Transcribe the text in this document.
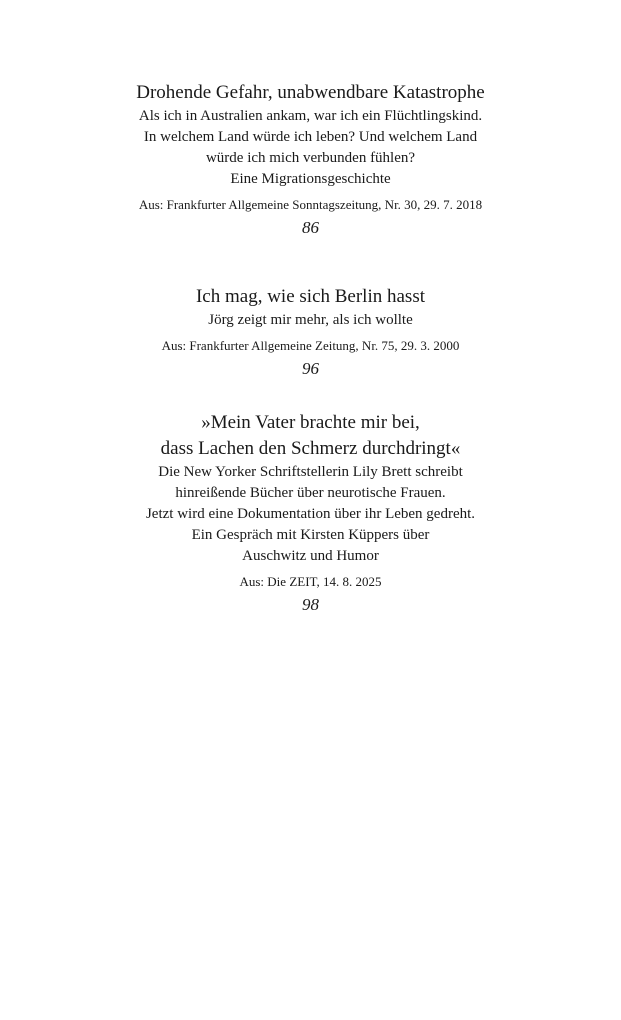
Drohende Gefahr, unabwendbare Katastrophe
Als ich in Australien ankam, war ich ein Flüchtlingskind.
In welchem Land würde ich leben? Und welchem Land
würde ich mich verbunden fühlen?
Eine Migrationsgeschichte
Aus: Frankfurter Allgemeine Sonntagszeitung, Nr. 30, 29. 7. 2018
86
Ich mag, wie sich Berlin hasst
Jörg zeigt mir mehr, als ich wollte
Aus: Frankfurter Allgemeine Zeitung, Nr. 75, 29. 3. 2000
96
»Mein Vater brachte mir bei,
dass Lachen den Schmerz durchdringt«
Die New Yorker Schriftstellerin Lily Brett schreibt
hinreißende Bücher über neurotische Frauen.
Jetzt wird eine Dokumentation über ihr Leben gedreht.
Ein Gespräch mit Kirsten Küppers über
Auschwitz und Humor
Aus: Die ZEIT, 14. 8. 2025
98
